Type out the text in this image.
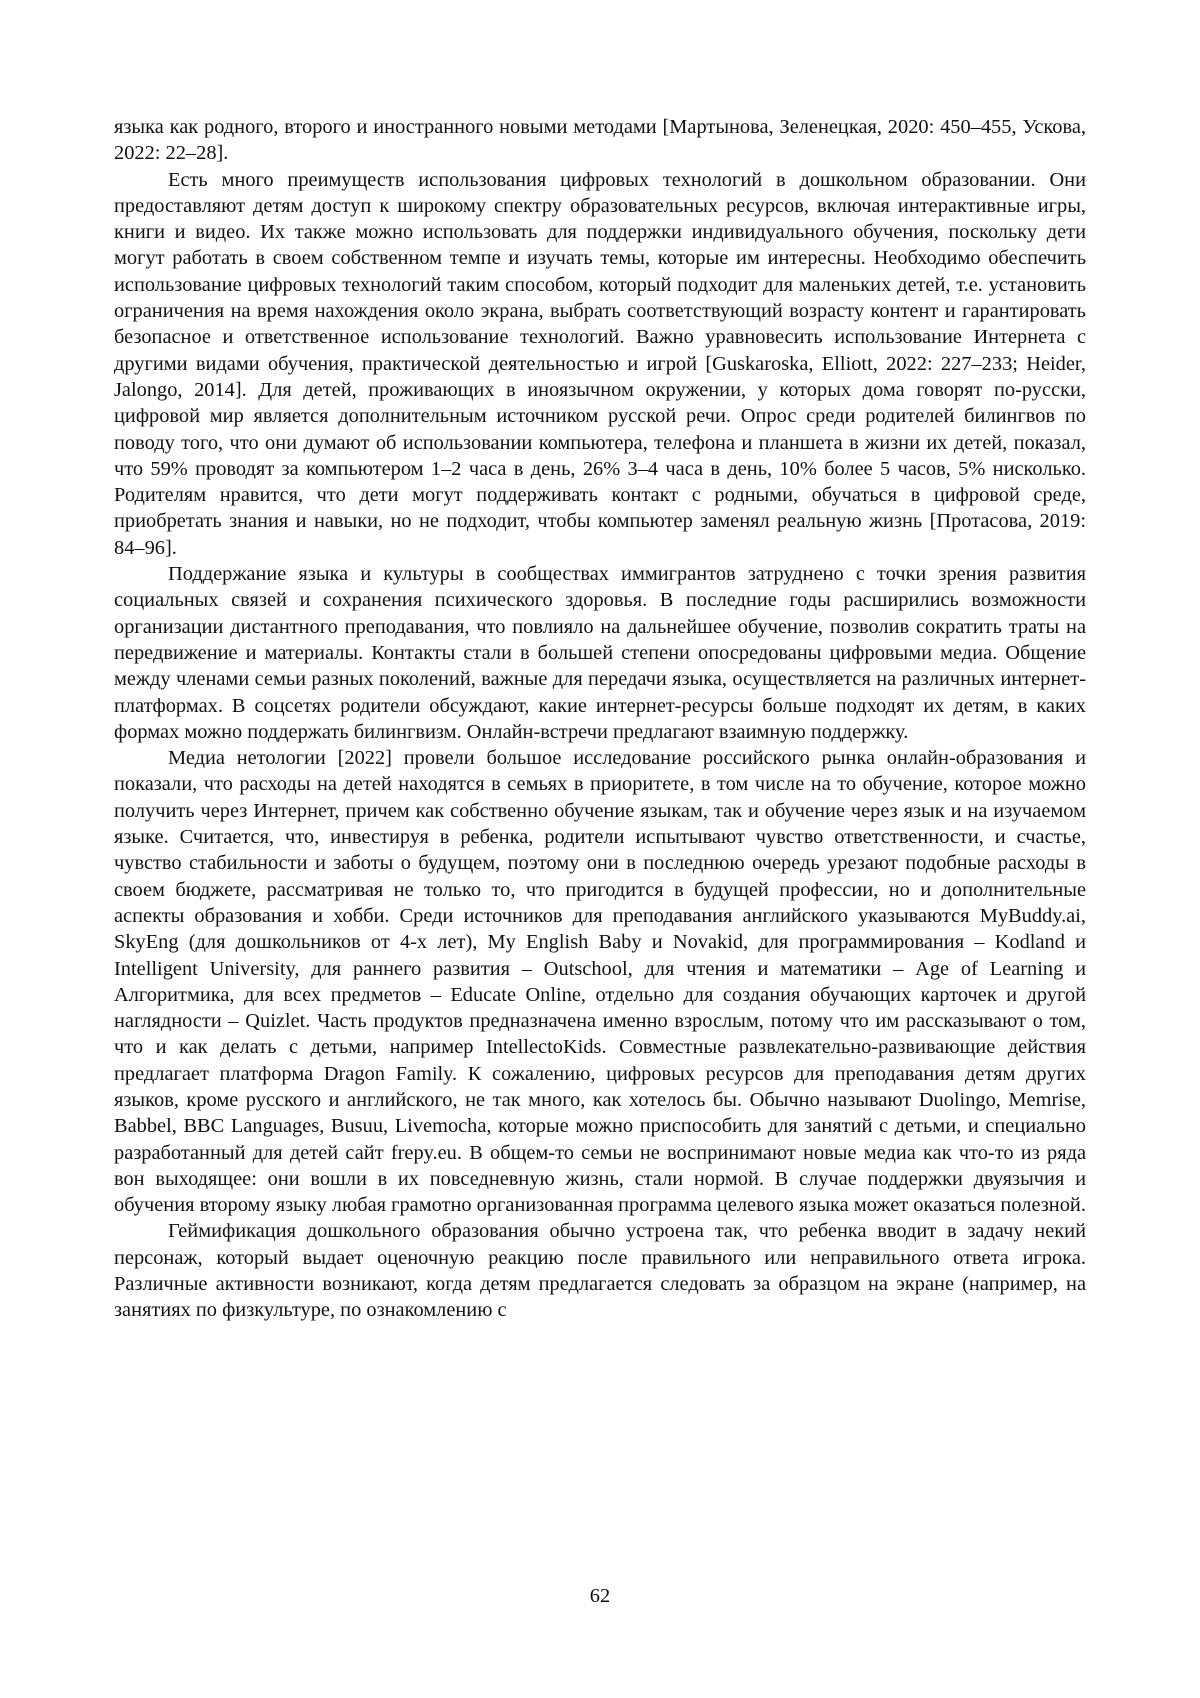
языка как родного, второго и иностранного новыми методами [Мартынова, Зеленецкая, 2020: 450–455, Ускова, 2022: 22–28].

Есть много преимуществ использования цифровых технологий в дошкольном образовании. Они предоставляют детям доступ к широкому спектру образовательных ресурсов, включая интерактивные игры, книги и видео. Их также можно использовать для поддержки индивидуального обучения, поскольку дети могут работать в своем собственном темпе и изучать темы, которые им интересны. Необходимо обеспечить использование цифровых технологий таким способом, который подходит для маленьких детей, т.е. установить ограничения на время нахождения около экрана, выбрать соответствующий возрасту контент и гарантировать безопасное и ответственное использование технологий. Важно уравновесить использование Интернета с другими видами обучения, практической деятельностью и игрой [Guskaroska, Elliott, 2022: 227–233; Heider, Jalongo, 2014]. Для детей, проживающих в иноязычном окружении, у которых дома говорят по-русски, цифровой мир является дополнительным источником русской речи. Опрос среди родителей билингвов по поводу того, что они думают об использовании компьютера, телефона и планшета в жизни их детей, показал, что 59% проводят за компьютером 1–2 часа в день, 26% 3–4 часа в день, 10% более 5 часов, 5% нисколько. Родителям нравится, что дети могут поддерживать контакт с родными, обучаться в цифровой среде, приобретать знания и навыки, но не подходит, чтобы компьютер заменял реальную жизнь [Протасова, 2019: 84–96].

Поддержание языка и культуры в сообществах иммигрантов затруднено с точки зрения развития социальных связей и сохранения психического здоровья. В последние годы расширились возможности организации дистантного преподавания, что повлияло на дальнейшее обучение, позволив сократить траты на передвижение и материалы. Контакты стали в большей степени опосредованы цифровыми медиа. Общение между членами семьи разных поколений, важные для передачи языка, осуществляется на различных интернет-платформах. В соцсетях родители обсуждают, какие интернет-ресурсы больше подходят их детям, в каких формах можно поддержать билингвизм. Онлайн-встречи предлагают взаимную поддержку.

Медиа нетологии [2022] провели большое исследование российского рынка онлайн-образования и показали, что расходы на детей находятся в семьях в приоритете, в том числе на то обучение, которое можно получить через Интернет, причем как собственно обучение языкам, так и обучение через язык и на изучаемом языке. Считается, что, инвестируя в ребенка, родители испытывают чувство ответственности, и счастье, чувство стабильности и заботы о будущем, поэтому они в последнюю очередь урезают подобные расходы в своем бюджете, рассматривая не только то, что пригодится в будущей профессии, но и дополнительные аспекты образования и хобби. Среди источников для преподавания английского указываются MyBuddy.ai, SkyEng (для дошкольников от 4-х лет), My English Baby и Novakid, для программирования – Kodland и Intelligent University, для раннего развития – Outschool, для чтения и математики – Age of Learning и Алгоритмика, для всех предметов – Educate Online, отдельно для создания обучающих карточек и другой наглядности – Quizlet. Часть продуктов предназначена именно взрослым, потому что им рассказывают о том, что и как делать с детьми, например IntellectoKids. Совместные развлекательно-развивающие действия предлагает платформа Dragon Family. К сожалению, цифровых ресурсов для преподавания детям других языков, кроме русского и английского, не так много, как хотелось бы. Обычно называют Duolingo, Memrise, Babbel, BBC Languages, Busuu, Livemocha, которые можно приспособить для занятий с детьми, и специально разработанный для детей сайт frepy.eu. В общем-то семьи не воспринимают новые медиа как что-то из ряда вон выходящее: они вошли в их повседневную жизнь, стали нормой. В случае поддержки двуязычия и обучения второму языку любая грамотно организованная программа целевого языка может оказаться полезной.

Геймификация дошкольного образования обычно устроена так, что ребенка вводит в задачу некий персонаж, который выдает оценочную реакцию после правильного или неправильного ответа игрока. Различные активности возникают, когда детям предлагается следовать за образцом на экране (например, на занятиях по физкультуре, по ознакомлению с

62
